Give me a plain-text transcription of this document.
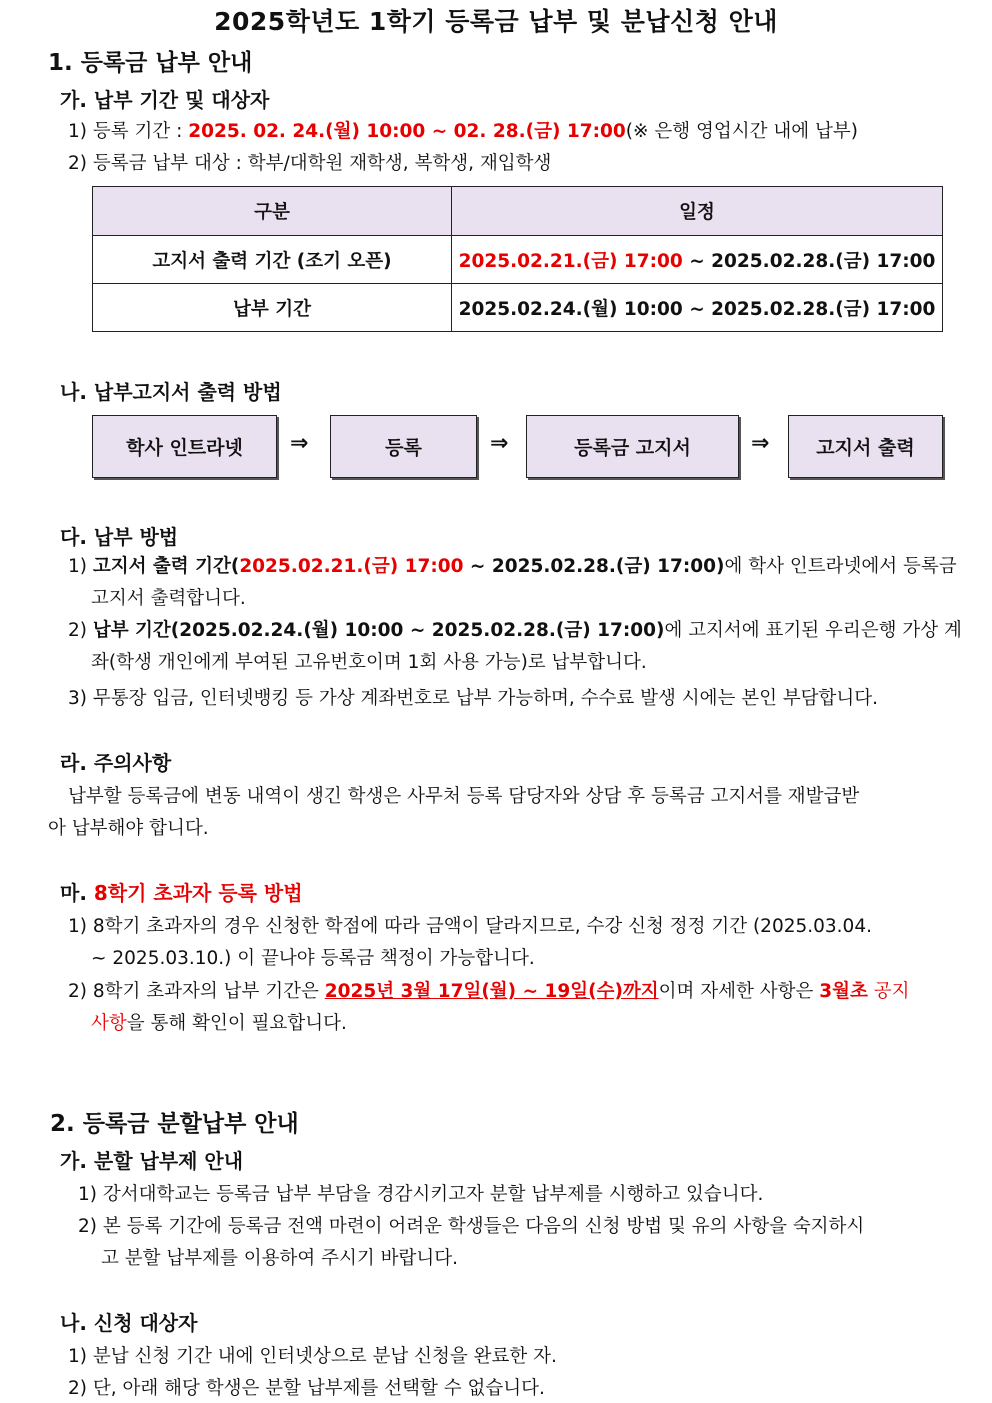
2025학년도 1학기 등록금 납부 및 분납신청 안내
1. 등록금 납부 안내
가. 납부 기간 및 대상자
1) 등록 기간 : 2025. 02. 24.(월) 10:00 ~ 02. 28.(금) 17:00(※ 은행 영업시간 내에 납부)
2) 등록금 납부 대상 : 학부/대학원 재학생, 복학생, 재입학생
구분	일정
고지서 출력 기간 (조기 오픈)	2025.02.21.(금) 17:00 ~ 2025.02.28.(금) 17:00
납부 기간	2025.02.24.(월) 10:00 ~ 2025.02.28.(금) 17:00
나. 납부고지서 출력 방법
학사 인트라넷	⇒	등록	⇒	등록금 고지서	⇒	고지서 출력
다. 납부 방법
1) 고지서 출력 기간(2025.02.21.(금) 17:00 ~ 2025.02.28.(금) 17:00) 에 학사 인트라넷에서 등록금
고지서 출력합니다.
2) 납부 기간(2025.02.24.(월) 10:00 ~ 2025.02.28.(금) 17:00) 에 고지서에 표기된 우리은행 가상 계
좌(학생 개인에게 부여된 고유번호이며 1회 사용 가능)로 납부합니다.
3) 무통장 입금, 인터넷뱅킹 등 가상 계좌번호로 납부 가능하며, 수수료 발생 시에는 본인 부담합니다.
라. 주의사항
납부할 등록금에 변동 내역이 생긴 학생은 사무처 등록 담당자와 상담 후 등록금 고지서를 재발급받
아 납부해야 합니다.
마. 8학기 초과자 등록 방법
1) 8학기 초과자의 경우 신청한 학점에 따라 금액이 달라지므로, 수강 신청 정정 기간 (2025.03.04.
~ 2025.03.10.) 이 끝나야 등록금 책정이 가능합니다.
2) 8학기 초과자의 납부 기간은 2025년 3월 17일(월) ~ 19일(수)까지이며 자세한 사항은 3월초 공지
사항을 통해 확인이 필요합니다.
2. 등록금 분할납부 안내
가. 분할 납부제 안내
1) 강서대학교는 등록금 납부 부담을 경감시키고자 분할 납부제를 시행하고 있습니다.
2) 본 등록 기간에 등록금 전액 마련이 어려운 학생들은 다음의 신청 방법 및 유의 사항을 숙지하시
고 분할 납부제를 이용하여 주시기 바랍니다.
나. 신청 대상자
1) 분납 신청 기간 내에 인터넷상으로 분납 신청을 완료한 자.
2) 단, 아래 해당 학생은 분할 납부제를 선택할 수 없습니다.
